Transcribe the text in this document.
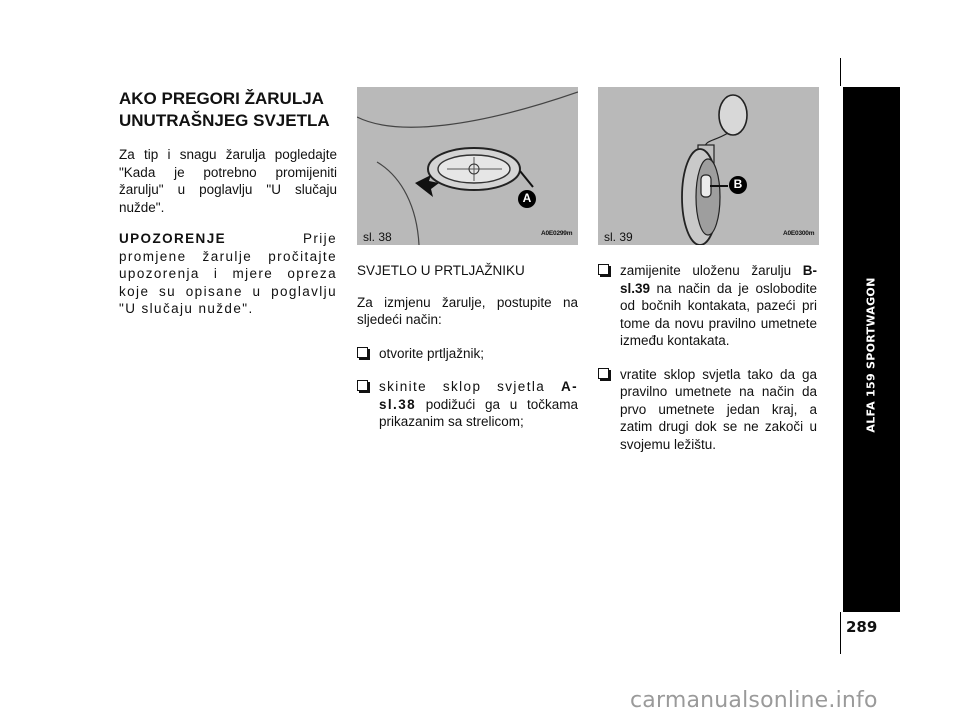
AKO PREGORI ŽARULJA
UNUTRAŠNJEG SVJETLA

Za tip i snagu žarulja pogledajte "Kada je potrebno promijeniti žarulju" u poglavlju "U slučaju nužde".

UPOZORENJE Prije promjene žarulje pročitajte upozorenja i mjere opreza koje su opisane u poglavlju "U slučaju nužde".

A
sl. 38	A0E0299m
B
sl. 39	A0E0300m

SVJETLO U PRTLJAŽNIKU

Za izmjenu žarulje, postupite na sljedeći način:

otvorite prtljažnik;
skinite sklop svjetla A-sl.38 podižući ga u točkama prikazanim sa strelicom;
zamijenite uloženu žarulju B-sl.39 na način da je oslobodite od bočnih kontakata, pazeći pri tome da novu pravilno umetnete između kontakata.
vratite sklop svjetla tako da ga pravilno umetnete na način da prvo umetnete jedan kraj, a zatim drugi dok se ne zakoči u svojemu ležištu.
ALFA 159 SPORTWAGON
289
carmanualsonline.info
